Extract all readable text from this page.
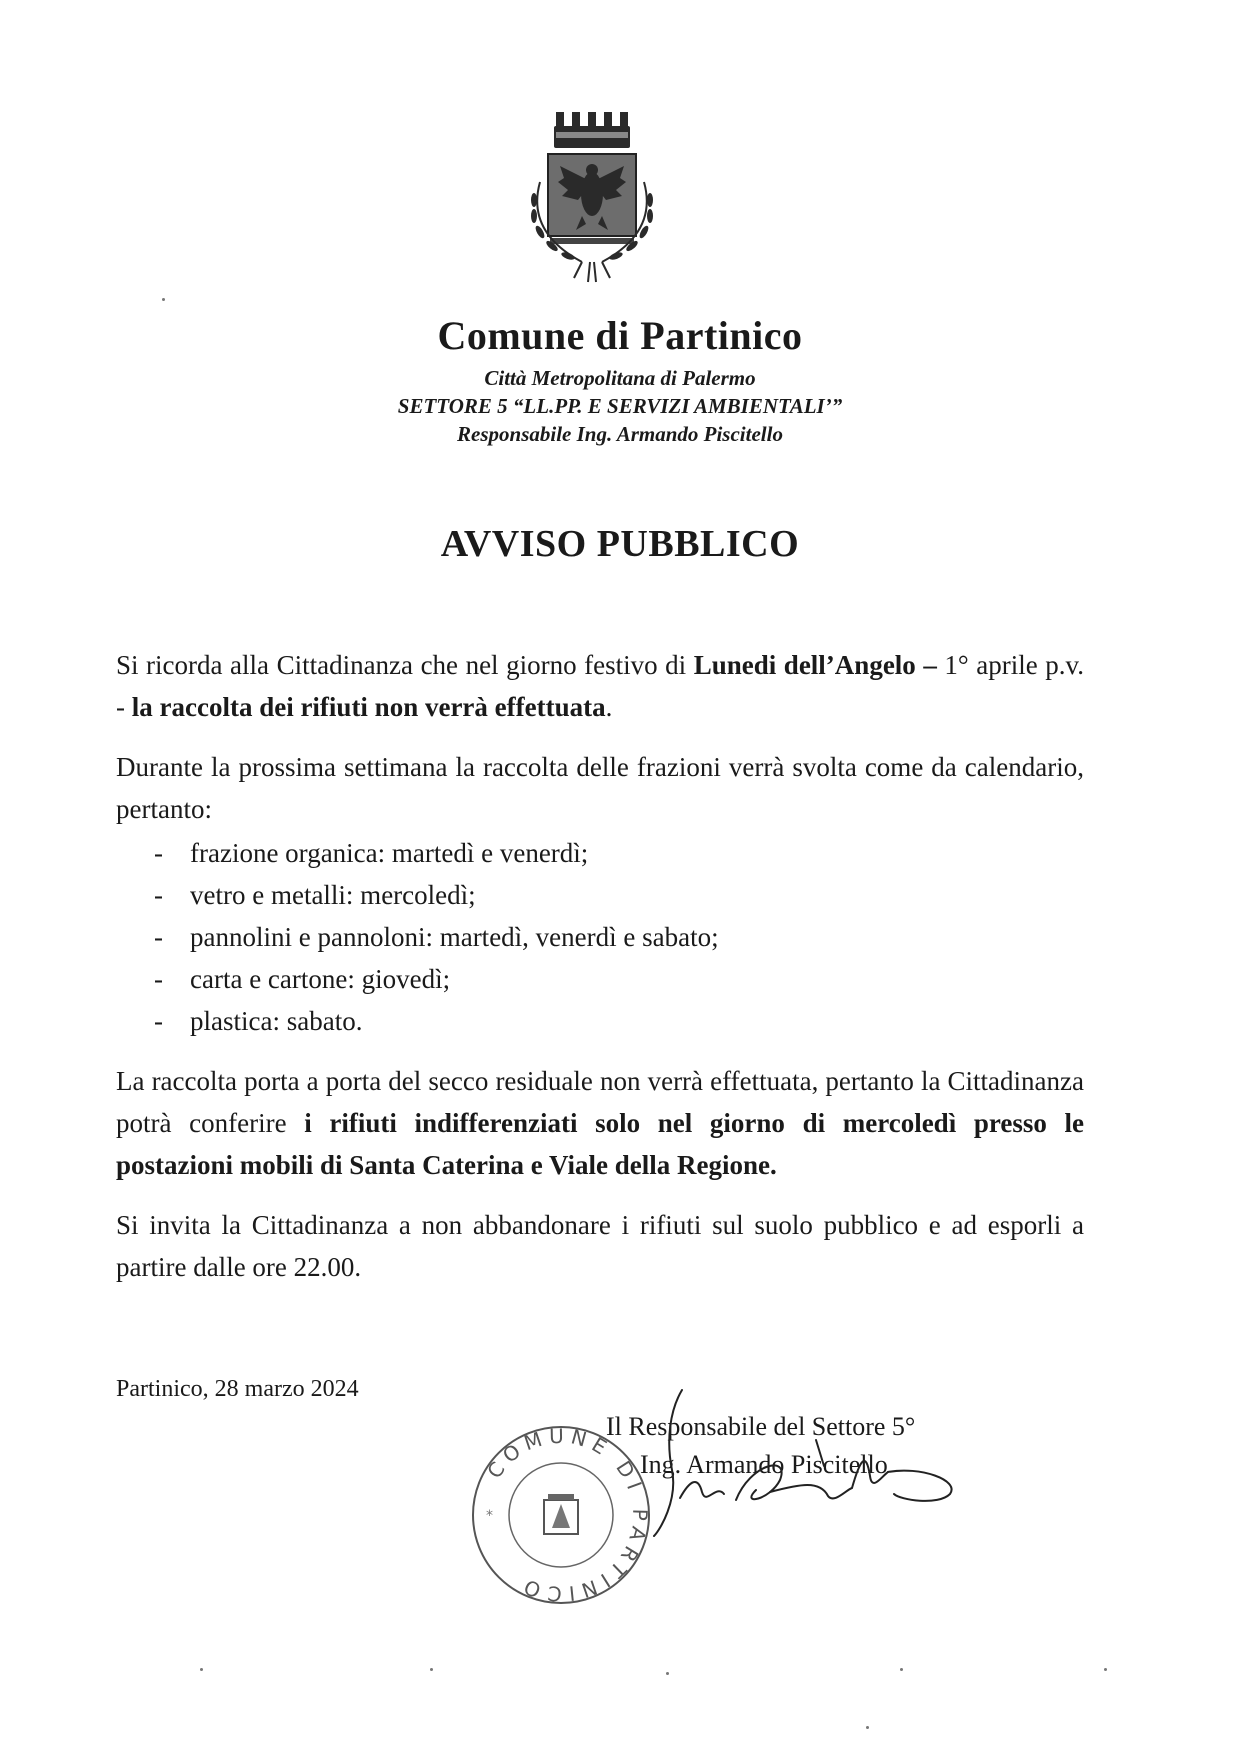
Comune di Partinico
Città Metropolitana di Palermo
SETTORE 5 “LL.PP. E SERVIZI AMBIENTALI’”
Responsabile Ing. Armando Piscitello
AVVISO PUBBLICO

Si ricorda alla Cittadinanza che nel giorno festivo di Lunedi dell’Angelo – 1° aprile p.v. - la raccolta dei rifiuti non verrà effettuata.

Durante la prossima settimana la raccolta delle frazioni verrà svolta come da calendario, pertanto:

- frazione organica: martedì e venerdì;
- vetro e metalli: mercoledì;
- pannolini e pannoloni: martedì, venerdì e sabato;
- carta e cartone: giovedì;
- plastica: sabato.

La raccolta porta a porta del secco residuale non verrà effettuata, pertanto la Cittadinanza potrà conferire i rifiuti indifferenziati solo nel giorno di mercoledì presso le postazioni mobili di Santa Caterina e Viale della Regione.

Si invita la Cittadinanza a non abbandonare i rifiuti sul suolo pubblico e ad esporli a partire dalle ore 22.00.

Partinico, 28 marzo 2024
COMUNE DI PARTINICO
*
Il Responsabile del Settore 5°
Ing. Armando Piscitello
